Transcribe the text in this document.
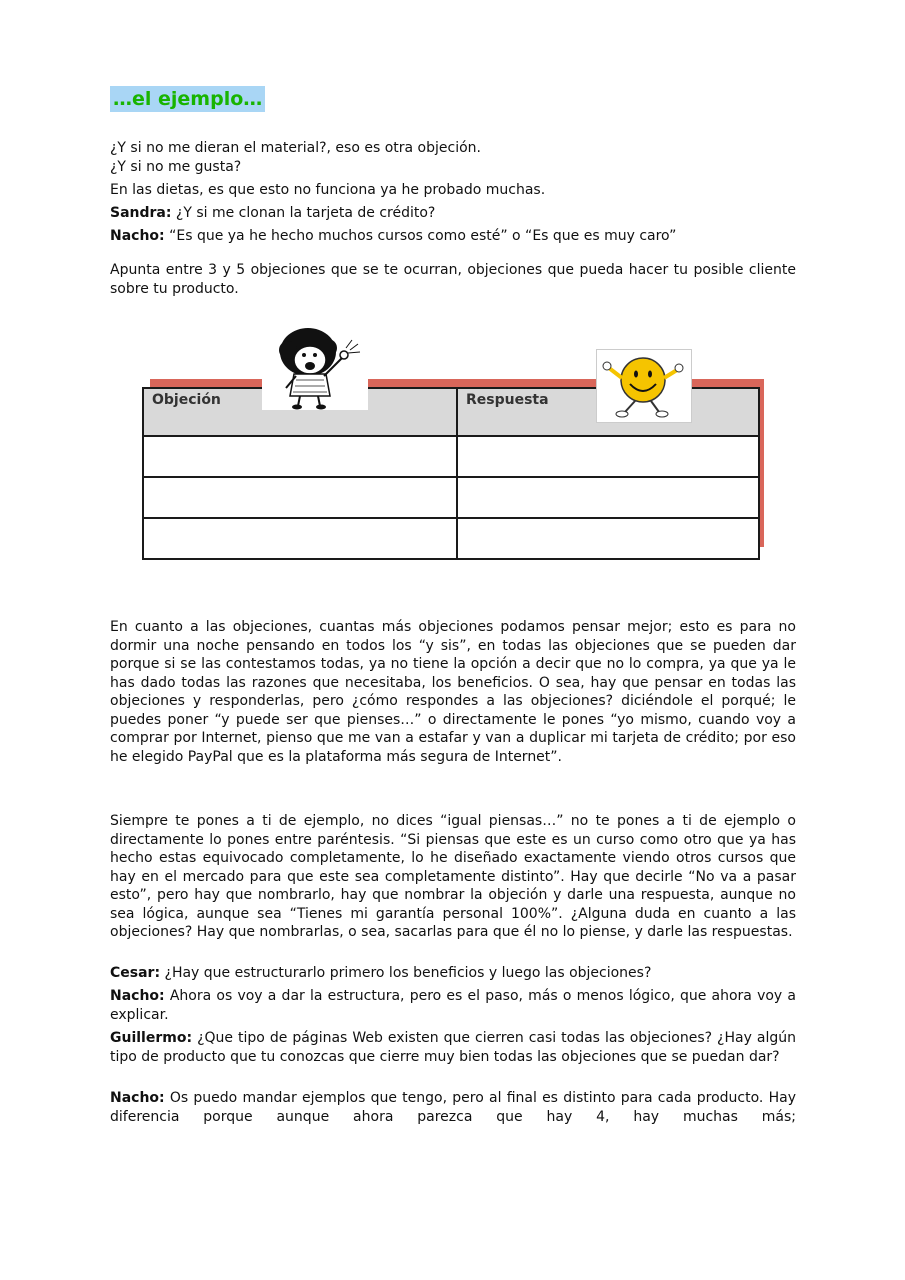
…el ejemplo…

¿Y si no me dieran el material?, eso es otra objeción.

¿Y si no me gusta?

En las dietas, es que esto no funciona ya he probado muchas.

Sandra: ¿Y si me clonan la tarjeta de crédito?

Nacho: “Es que ya he hecho muchos cursos como esté” o “Es que es muy caro”

Apunta entre 3 y 5 objeciones que se te ocurran, objeciones que pueda hacer tu posible cliente sobre tu producto.

Objeción	Respuesta

En cuanto a las objeciones, cuantas más objeciones podamos pensar mejor; esto es para no dormir una noche pensando en todos los “y sis”, en todas las objeciones que se pueden dar porque si se las contestamos todas, ya no tiene la opción a decir que no lo compra, ya que ya le has dado todas las razones que necesitaba, los beneficios. O sea, hay que pensar en todas las objeciones y responderlas, pero ¿cómo respondes a las objeciones? diciéndole el porqué; le puedes poner “y puede ser que pienses…” o directamente le pones “yo mismo, cuando voy a comprar por Internet, pienso que me van a estafar y van a duplicar mi tarjeta de crédito; por eso he elegido PayPal que es la plataforma más segura de Internet”.

Siempre te pones a ti de ejemplo, no dices “igual piensas…” no te pones a ti de ejemplo o directamente lo pones entre paréntesis. “Si piensas que este es un curso como otro que ya has hecho estas equivocado completamente, lo he diseñado exactamente viendo otros cursos que hay en el mercado para que este sea completamente distinto”. Hay que decirle “No va a pasar esto”, pero hay que nombrarlo, hay que nombrar la objeción y darle una respuesta, aunque no sea lógica, aunque sea “Tienes mi garantía personal 100%”. ¿Alguna duda en cuanto a las objeciones? Hay que nombrarlas, o sea, sacarlas para que él no lo piense, y darle las respuestas.

Cesar: ¿Hay que estructurarlo primero los beneficios y luego las objeciones?

Nacho: Ahora os voy a dar la estructura, pero es el paso, más o menos lógico, que ahora voy a explicar.

Guillermo: ¿Que tipo de páginas Web existen que cierren casi todas las objeciones? ¿Hay algún tipo de producto que tu conozcas que cierre muy bien todas las objeciones que se puedan dar?

Nacho: Os puedo mandar ejemplos que tengo, pero al final es distinto para cada producto. Hay diferencia porque aunque ahora parezca que hay 4, hay muchas más;
